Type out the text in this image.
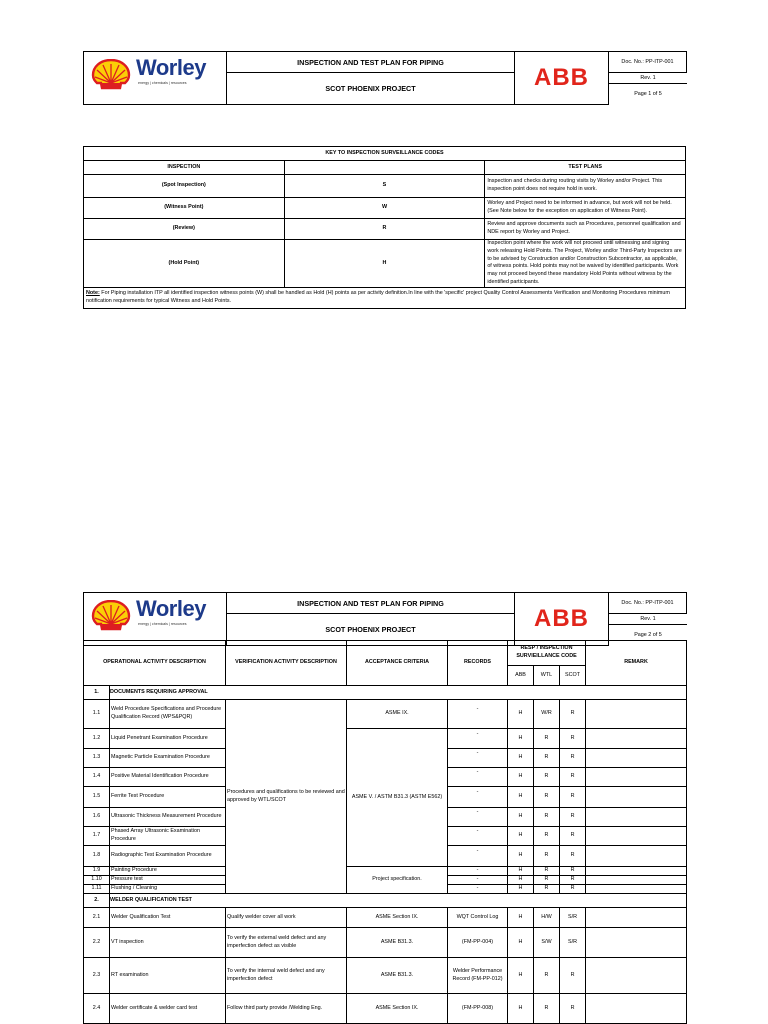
Worley
energy | chemicals | resources
	INSPECTION AND TEST PLAN FOR PIPING	ABB	Doc. No.: PP-ITP-001
SCOT PHOENIX PROJECT	
Rev. 1
Page 1 of 5
KEY TO INSPECTION SURVEILLANCE CODES		
INSPECTION		TEST PLANS
(Spot Inspection)	S	Inspection and checks during routing visits by Worley and/or Project. This inspection point does not require hold in work.
(Witness Point)	W	Worley and Project need to be informed in advance, but work will not be held. (See Note below for the exception on application of Witness Point).
(Review)	R	Review and approve documents such as Procedures, personnel qualification and NDE report by Worley and Project.
(Hold Point)	H	Inspection point where the work will not proceed until witnessing and signing work releasing Hold Points. The Project, Worley and/or Third-Party Inspectors are to be advised by Construction and/or Construction Subcontractor, as applicable, of witness points. Hold points may not be waived by identified participants. Work may not proceed beyond these mandatory Hold Points without witness by the identified participants.
Note: For Piping installation ITP all identified inspection witness points (W) shall be handled as Hold (H) points as per activity definition.In line with the 'specific' project Quality Control Assessments Verification and Monitoring Procedures minimum notification requirements for typical Witness and Hold Points.		
Worley
energy | chemicals | resources
	INSPECTION AND TEST PLAN FOR PIPING	ABB	Doc. No.: PP-ITP-001
SCOT PHOENIX PROJECT	
Rev. 1
Page 2 of 5
OPERATIONAL ACTIVITY DESCRIPTION		VERIFICATION ACTIVITY DESCRIPTION	ACCEPTANCE CRITERIA	RECORDS	RESP / INSPECTION SURVIEILLANCE CODE			REMARK
					ABB	WTL	SCOT	
1.	DOCUMENTS REQUIRING APPROVAL							
1.1	Weld Procedure Specifications and Procedure Qualification Record (WPS&PQR)	Procedures and qualifications to be reviewed and approved by WTL/SCOT	ASME IX.	-	H	W/R	R	
1.2	Liquid Penetrant Examination Procedure		ASME V. / ASTM B31.3 (ASTM E562)	-	H	R	R	
1.3	Magnetic Particle Examination Procedure			-	H	R	R	
1.4	Positive Material Identification Procedure			-	H	R	R	
1.5	Ferrite Test Procedure			-	H	R	R	
1.6	Ultrasonic Thickness Measurement Procedure			-	H	R	R	
1.7	Phased Array Ultrasonic Examination Procedure			-	H	R	R	
1.8	Radiographic Test Examination Procedure			-	H	R	R	
1.9	Painting Procedure		Project specification.	-	H	R	R	
1.10	Pressure test			-	H	R	R	
1.11	Flushing / Cleaning			-	H	R	R	
2.	WELDER QUALIFICATION TEST							
2.1	Welder Qualification Test	Qualify welder cover all work	ASME Section IX.	WQT Control Log	H	H/W	S/R	
2.2	VT inspection	To verify the external weld defect and any imperfection defect as visible	ASME B31.3.	(FM-PP-004)	H	S/W	S/R	
2.3	RT examination	To verify the internal weld defect and any imperfection defect	ASME B31.3.	Welder Performance Record (FM-PP-012)	H	R	R	
2.4	Welder certificate & welder card test	Follow third party provide /Welding Eng.	ASME Section IX.	(FM-PP-008)	H	R	R	
